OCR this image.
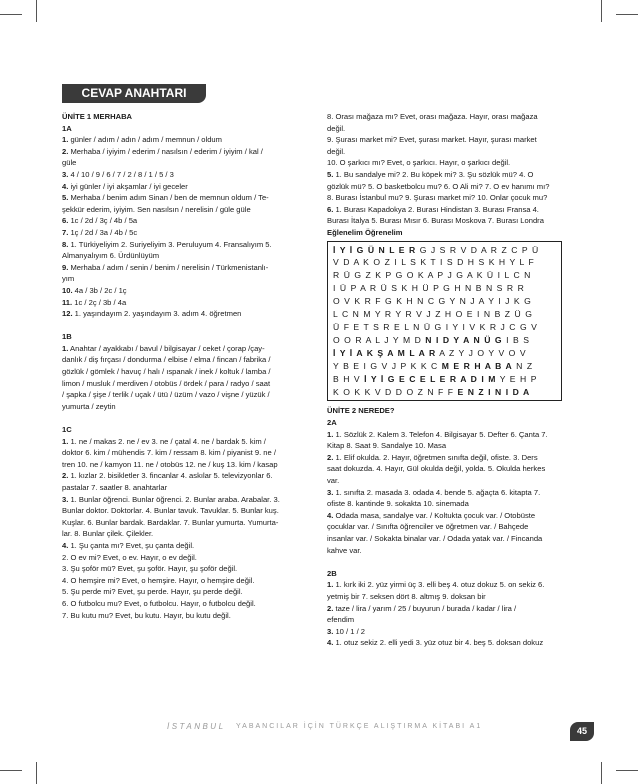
CEVAP ANAHTARI

ÜNİTE 1 MERHABA

1A

1. günler / adım / adın / adım / memnun / oldum

2. Merhaba / iyiyim / ederim / nasılsın / ederim / iyiyim / kal /

güle

3. 4 / 10 / 9 / 6 / 7 / 2 / 8 / 1 / 5 / 3

4. iyi günler / iyi akşamlar / iyi geceler

5. Merhaba / benim adım Sinan / ben de memnun oldum / Te-

şekkür ederim, iyiyim. Sen nasılsın / nerelisin / güle güle

6. 1c / 2d / 3ç / 4b / 5a

7. 1ç / 2d / 3a / 4b / 5c

8. 1. Türkiyeliyim 2. Suriyeliyim 3. Peruluyum 4. Fransalıyım 5.

Almanyalıyım 6. Ürdünlüyüm

9. Merhaba / adım / senin / benim / nerelisin / Türkmenistanlı-

yım

10. 4a / 3b / 2c / 1ç

11. 1c / 2ç / 3b / 4a

12. 1. yaşındayım 2. yaşındayım 3. adım 4. öğretmen

1B

1. Anahtar / ayakkabı / bavul / bilgisayar / ceket / çorap /çay-

danlık / diş fırçası / dondurma / elbise / elma / fincan / fabrika /

gözlük / gömlek / havuç / halı / ıspanak / inek / koltuk / lamba /

limon / musluk / merdiven / otobüs / ördek / para / radyo / saat

/ şapka / şişe / terlik / uçak / ütü / üzüm / vazo / vişne / yüzük /

yumurta / zeytin

1C

1. 1. ne / makas 2. ne / ev 3. ne / çatal 4. ne / bardak 5. kim /

doktor 6. kim / mühendis 7. kim / ressam 8. kim / piyanist 9. ne /

tren 10. ne / kamyon 11. ne / otobüs 12. ne / kuş 13. kim / kasap

2. 1. kızlar 2. bisikletler 3. fincanlar 4. askılar 5. televizyonlar 6.

pastalar 7. saatler 8. anahtarlar

3. 1. Bunlar öğrenci. Bunlar öğrenci. 2. Bunlar araba. Arabalar. 3.

Bunlar doktor. Doktorlar. 4. Bunlar tavuk. Tavuklar. 5. Bunlar kuş.

Kuşlar. 6. Bunlar bardak. Bardaklar. 7. Bunlar yumurta. Yumurta-

lar. 8. Bunlar çilek. Çilekler.

4. 1. Şu çanta mı? Evet, şu çanta değil.

2. O ev mi? Evet, o ev. Hayır, o ev değil.

3. Şu şoför mü? Evet, şu şoför. Hayır, şu şoför değil.

4. O hemşire mi? Evet, o hemşire. Hayır, o hemşire değil.

5. Şu perde mi? Evet, şu perde. Hayır, şu perde değil.

6. O futbolcu mu? Evet, o futbolcu. Hayır, o futbolcu değil.

7. Bu kutu mu? Evet, bu kutu. Hayır, bu kutu değil.

8. Orası mağaza mı? Evet, orası mağaza. Hayır, orası mağaza

değil.

9. Şurası market mi? Evet, şurası market. Hayır, şurası market

değil.

10. O şarkıcı mı? Evet, o şarkıcı. Hayır, o şarkıcı değil.

5. 1. Bu sandalye mi? 2. Bu köpek mi? 3. Şu sözlük mü? 4. O

gözlük mü? 5. O basketbolcu mu? 6. O Ali mi? 7. O ev hanımı mı?

8. Burası İstanbul mu? 9. Şurası market mi? 10. Onlar çocuk mu?

6. 1. Burası Kapadokya 2. Burası Hindistan 3. Burası Fransa 4.

Burası İtalya 5. Burası Mısır 6. Burası Moskova 7. Burası Londra

Eğlenelim Öğrenelim

İ Y İ G Ü N L E R G J S R V D A R Z C P Ü
V D A K O Z I L S K T I S D H S K H Y L F
R Ü G Z K P G O K A P J G A K Ü I L C N
I Ü P A R Ü S K H Ü P G H N B N S R R
O V K R F G K H N C G Y N J A Y I J K G
L C N M Y R Y R V J Z H O E I N B Z Ü G
Ü F E T S R E L N Ü G I Y I V K R J C G V
O O R A L J Y M D N I D Y A N Ü G I B S
İ Y İ A K Ş A M L A R A Z Y J O Y V O V
Y B E I G V J P K K C M E R H A B A N Z
B H V İ Y İ G E C E L E R A D I M Y E H P
K O K K V D D O Z N F F E N Z I N I D A

ÜNİTE 2 NEREDE?

2A

1. 1. Sözlük 2. Kalem 3. Telefon 4. Bilgisayar 5. Defter 6. Çanta 7.

Kitap 8. Saat 9. Sandalye 10. Masa

2. 1. Elif okulda. 2. Hayır, öğretmen sınıfta değil, ofiste. 3. Ders

saat dokuzda. 4. Hayır, Gül okulda değil, yolda. 5. Okulda herkes

var.

3. 1. sınıfta 2. masada 3. odada 4. bende 5. ağaçta 6. kitapta 7.

ofiste 8. kantinde 9. sokakta 10. sinemada

4. Odada masa, sandalye var. / Koltukta çocuk var. / Otobüste

çocuklar var. / Sınıfta öğrenciler ve öğretmen var. / Bahçede

insanlar var. / Sokakta binalar var. / Odada yatak var. / Fincanda

kahve var.

2B

1. 1. kırk iki 2. yüz yirmi üç 3. elli beş 4. otuz dokuz 5. on sekiz 6.

yetmiş bir 7. seksen dört 8. altmış 9. doksan bir

2. taze / lira / yarım / 25 / buyurun / burada / kadar / lira /

efendim

3. 10 / 1 / 2

4. 1. otuz sekiz 2. elli yedi 3. yüz otuz bir 4. beş 5. doksan dokuz

İSTANBUL YABANCILAR İÇİN TÜRKÇE ALIŞTIRMA KİTABI A1	45
